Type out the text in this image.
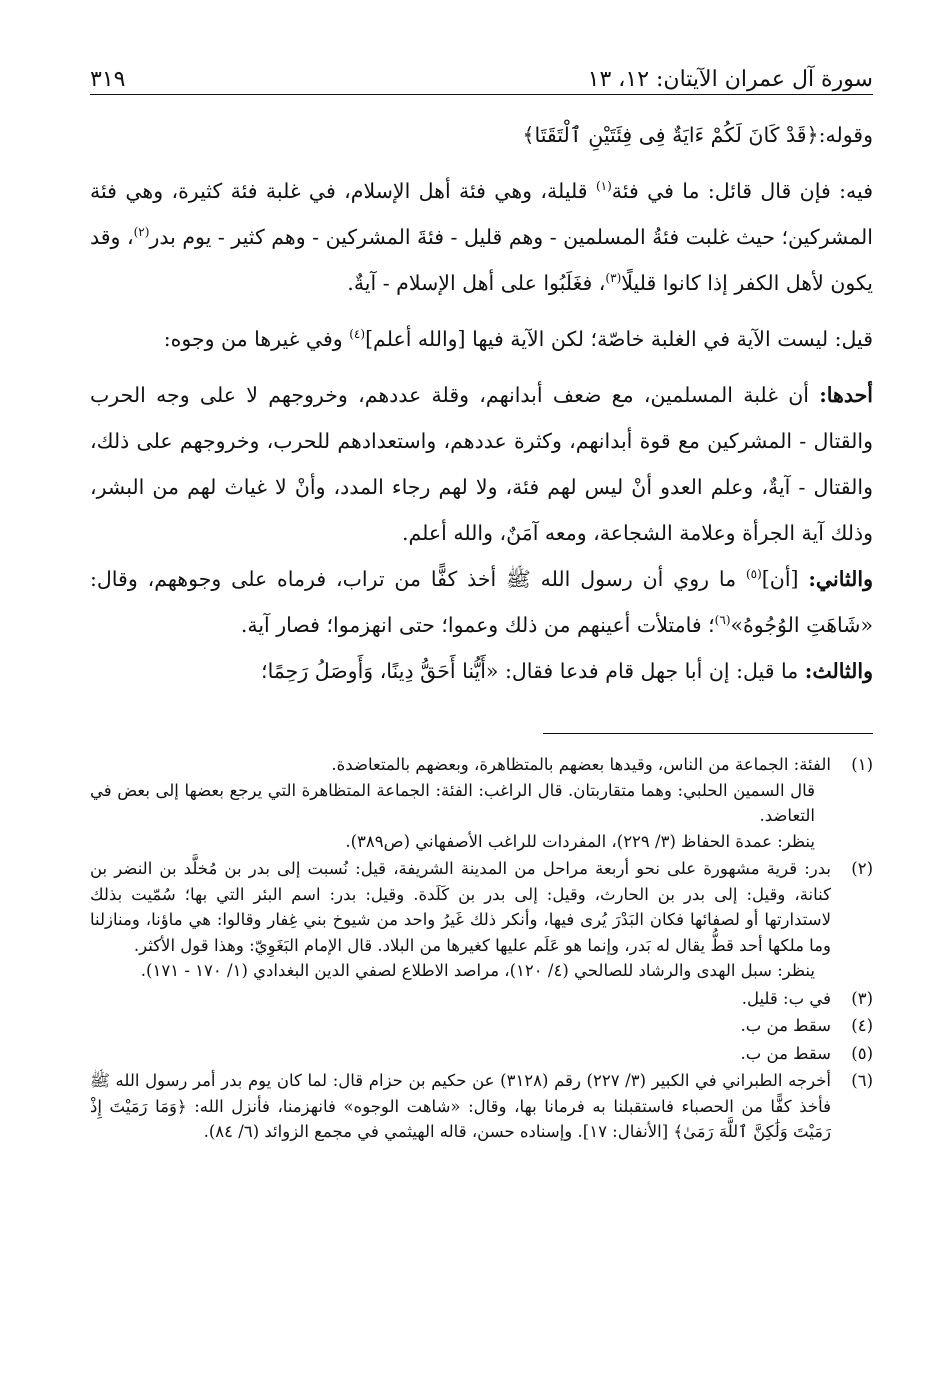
سورة آل عمران الآيتان: ١٢، ١٣
٣١٩

وقوله:﴿قَدْ كَانَ لَكُمْ ءَايَةٌ فِى فِئَتَيْنِ ٱلْتَقَتَا﴾

فيه: فإن قال قائل: ما في فئة$^{(١)}$ قليلة، وهي فئة أهل الإسلام، في غلبة فئة كثيرة، وهي فئة المشركين؛ حيث غلبت فئةُ المسلمين - وهم قليل - فئةَ المشركين - وهم كثير - يوم بدر$^{(٢)}$، وقد يكون لأهل الكفر إذا كانوا قليلًا$^{(٣)}$، فغَلَبُوا على أهل الإسلام - آيةٌ.

قيل: ليست الآية في الغلبة خاصّة؛ لكن الآية فيها [والله أعلم]$^{(٤)}$ وفي غيرها من وجوه:

أحدها: أن غلبة المسلمين، مع ضعف أبدانهم، وقلة عددهم، وخروجهم لا على وجه الحرب والقتال - المشركين مع قوة أبدانهم، وكثرة عددهم، واستعدادهم للحرب، وخروجهم على ذلك، والقتال - آيةٌ، وعلم العدو أنْ ليس لهم فئة، ولا لهم رجاء المدد، وأنْ لا غياث لهم من البشر، وذلك آية الجرأة وعلامة الشجاعة، ومعه آمَنٌ، والله أعلم.

والثاني: [أن]$^{(٥)}$ ما روي أن رسول الله ﷺ أخذ كفًّا من تراب، فرماه على وجوههم، وقال: «شَاهَتِ الوُجُوهُ»$^{(٦)}$؛ فامتلأت أعينهم من ذلك وعموا؛ حتى انهزموا؛ فصار آية.

والثالث: ما قيل: إن أبا جهل قام فدعا فقال: «أَيُّنا أَحَقُّ دِينًا، وَأَوصَلُ رَحِمًا؛

(١)

الفئة: الجماعة من الناس، وقيدها بعضهم بالمتظاهرة، وبعضهم بالمتعاضدة.

قال السمين الحلبي: وهما متقاربتان. قال الراغب: الفئة: الجماعة المتظاهرة التي يرجع بعضها إلى بعض في التعاضد.

ينظر: عمدة الحفاظ (٣/ ٢٢٩)، المفردات للراغب الأصفهاني (ص٣٨٩).

(٢)

بدر: قرية مشهورة على نحو أربعة مراحل من المدينة الشريفة، قيل: نُسبت إلى بدر بن مُخلَّد بن النضر بن كنانة، وقيل: إلى بدر بن الحارث، وقيل: إلى بدر بن كَلَدة. وقيل: بدر: اسم البئر التي بها؛ سُمّيت بذلك لاستدارتها أو لصفائها فكان البَدْرَ يُرى فيها، وأنكر ذلك غَيرُ واحد من شيوخ بني غِفار وقالوا: هي ماؤنا، ومنازلنا وما ملكها أحد قطُّ يقال له بَدر، وإنما هو عَلَم عليها كغيرها من البلاد. قال الإمام البَغَوِيّ: وهذا قول الأكثر.

ينظر: سبل الهدى والرشاد للصالحي (٤/ ١٢٠)، مراصد الاطلاع لصفي الدين البغدادي (١/ ١٧٠ - ١٧١).

(٣)

في ب: قليل.

(٤)

سقط من ب.

(٥)

سقط من ب.

(٦)

أخرجه الطبراني في الكبير (٣/ ٢٢٧) رقم (٣١٢٨) عن حكيم بن حزام قال: لما كان يوم بدر أمر رسول الله ﷺ فأخذ كفًّا من الحصباء فاستقبلنا به فرمانا بها، وقال: «شاهت الوجوه» فانهزمنا، فأنزل الله: ﴿وَمَا رَمَيْتَ إِذْ رَمَيْتَ وَلَٰكِنَّ ٱللَّهَ رَمَىٰ﴾ [الأنفال: ١٧]. وإسناده حسن، قاله الهيثمي في مجمع الزوائد (٦/ ٨٤).
